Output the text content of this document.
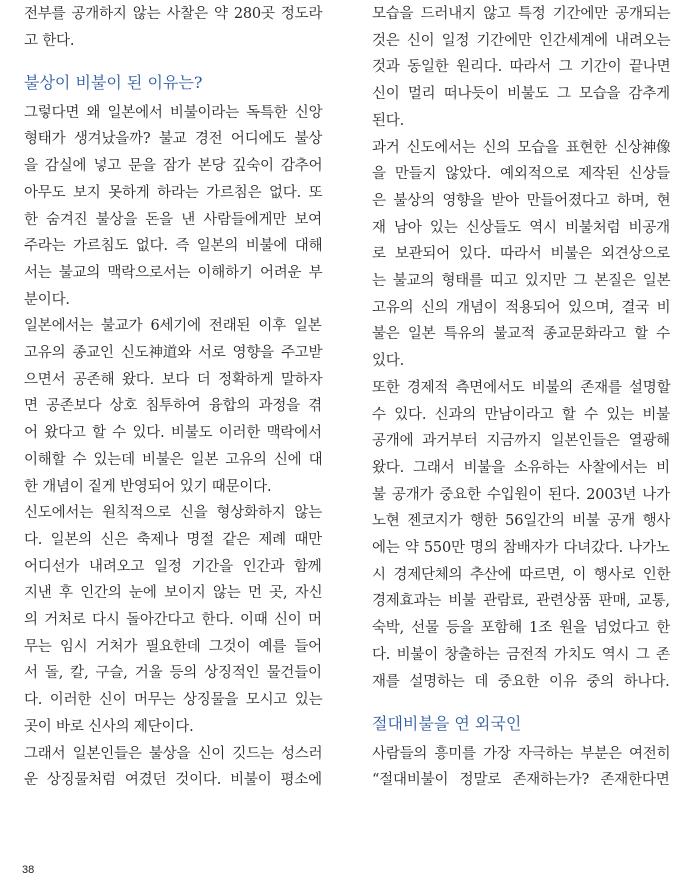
전부를 공개하지 않는 사찰은 약 280곳 정도라
고 한다.
불상이 비불이 된 이유는?
그렇다면 왜 일본에서 비불이라는 독특한 신앙
형태가 생겨났을까? 불교 경전 어디에도 불상
을 감실에 넣고 문을 잠가 본당 깊숙이 감추어
아무도 보지 못하게 하라는 가르침은 없다. 또
한 숨겨진 불상을 돈을 낸 사람들에게만 보여
주라는 가르침도 없다. 즉 일본의 비불에 대해
서는 불교의 맥락으로서는 이해하기 어려운 부
분이다.
일본에서는 불교가 6세기에 전래된 이후 일본
고유의 종교인 신도神道와 서로 영향을 주고받
으면서 공존해 왔다. 보다 더 정확하게 말하자
면 공존보다 상호 침투하여 융합의 과정을 겪
어 왔다고 할 수 있다. 비불도 이러한 맥락에서
이해할 수 있는데 비불은 일본 고유의 신에 대
한 개념이 짙게 반영되어 있기 때문이다.
신도에서는 원칙적으로 신을 형상화하지 않는
다. 일본의 신은 축제나 명절 같은 제례 때만
어디선가 내려오고 일정 기간을 인간과 함께
지낸 후 인간의 눈에 보이지 않는 먼 곳, 자신
의 거처로 다시 돌아간다고 한다. 이때 신이 머
무는 임시 거처가 필요한데 그것이 예를 들어
서 돌, 칼, 구슬, 거울 등의 상징적인 물건들이
다. 이러한 신이 머무는 상징물을 모시고 있는
곳이 바로 신사의 제단이다.
그래서 일본인들은 불상을 신이 깃드는 성스러
운 상징물처럼 여겼던 것이다. 비불이 평소에
모습을 드러내지 않고 특정 기간에만 공개되는
것은 신이 일정 기간에만 인간세계에 내려오는
것과 동일한 원리다. 따라서 그 기간이 끝나면
신이 멀리 떠나듯이 비불도 그 모습을 감추게
된다.
과거 신도에서는 신의 모습을 표현한 신상神像
을 만들지 않았다. 예외적으로 제작된 신상들
은 불상의 영향을 받아 만들어졌다고 하며, 현
재 남아 있는 신상들도 역시 비불처럼 비공개
로 보관되어 있다. 따라서 비불은 외견상으로
는 불교의 형태를 띠고 있지만 그 본질은 일본
고유의 신의 개념이 적용되어 있으며, 결국 비
불은 일본 특유의 불교적 종교문화라고 할 수
있다.
또한 경제적 측면에서도 비불의 존재를 설명할
수 있다. 신과의 만남이라고 할 수 있는 비불
공개에 과거부터 지금까지 일본인들은 열광해
왔다. 그래서 비불을 소유하는 사찰에서는 비
불 공개가 중요한 수입원이 된다. 2003년 나가
노현 젠코지가 행한 56일간의 비불 공개 행사
에는 약 550만 명의 참배자가 다녀갔다. 나가노
시 경제단체의 추산에 따르면, 이 행사로 인한
경제효과는 비불 관람료, 관련상품 판매, 교통,
숙박, 선물 등을 포함해 1조 원을 넘었다고 한
다. 비불이 창출하는 금전적 가치도 역시 그 존
재를 설명하는 데 중요한 이유 중의 하나다.
절대비불을 연 외국인
사람들의 흥미를 가장 자극하는 부분은 여전히
“절대비불이 정말로 존재하는가? 존재한다면
38
